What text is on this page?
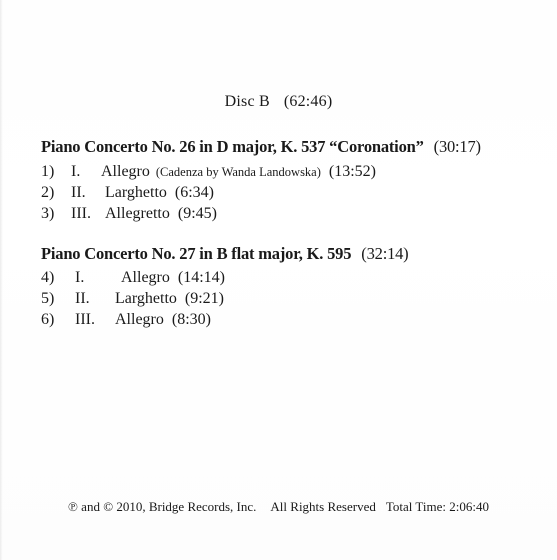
Disc B (62:46)
Piano Concerto No. 26 in D major, K. 537 “Coronation” (30:17)
1) I. Allegro (Cadenza by Wanda Landowska) (13:52)
2) II. Larghetto (6:34)
3) III. Allegretto (9:45)
Piano Concerto No. 27 in B flat major, K. 595 (32:14)
4) I. Allegro (14:14)
5) II. Larghetto (9:21)
6) III. Allegro (8:30)
℗ and © 2010, Bridge Records, Inc. All Rights Reserved Total Time: 2:06:40
